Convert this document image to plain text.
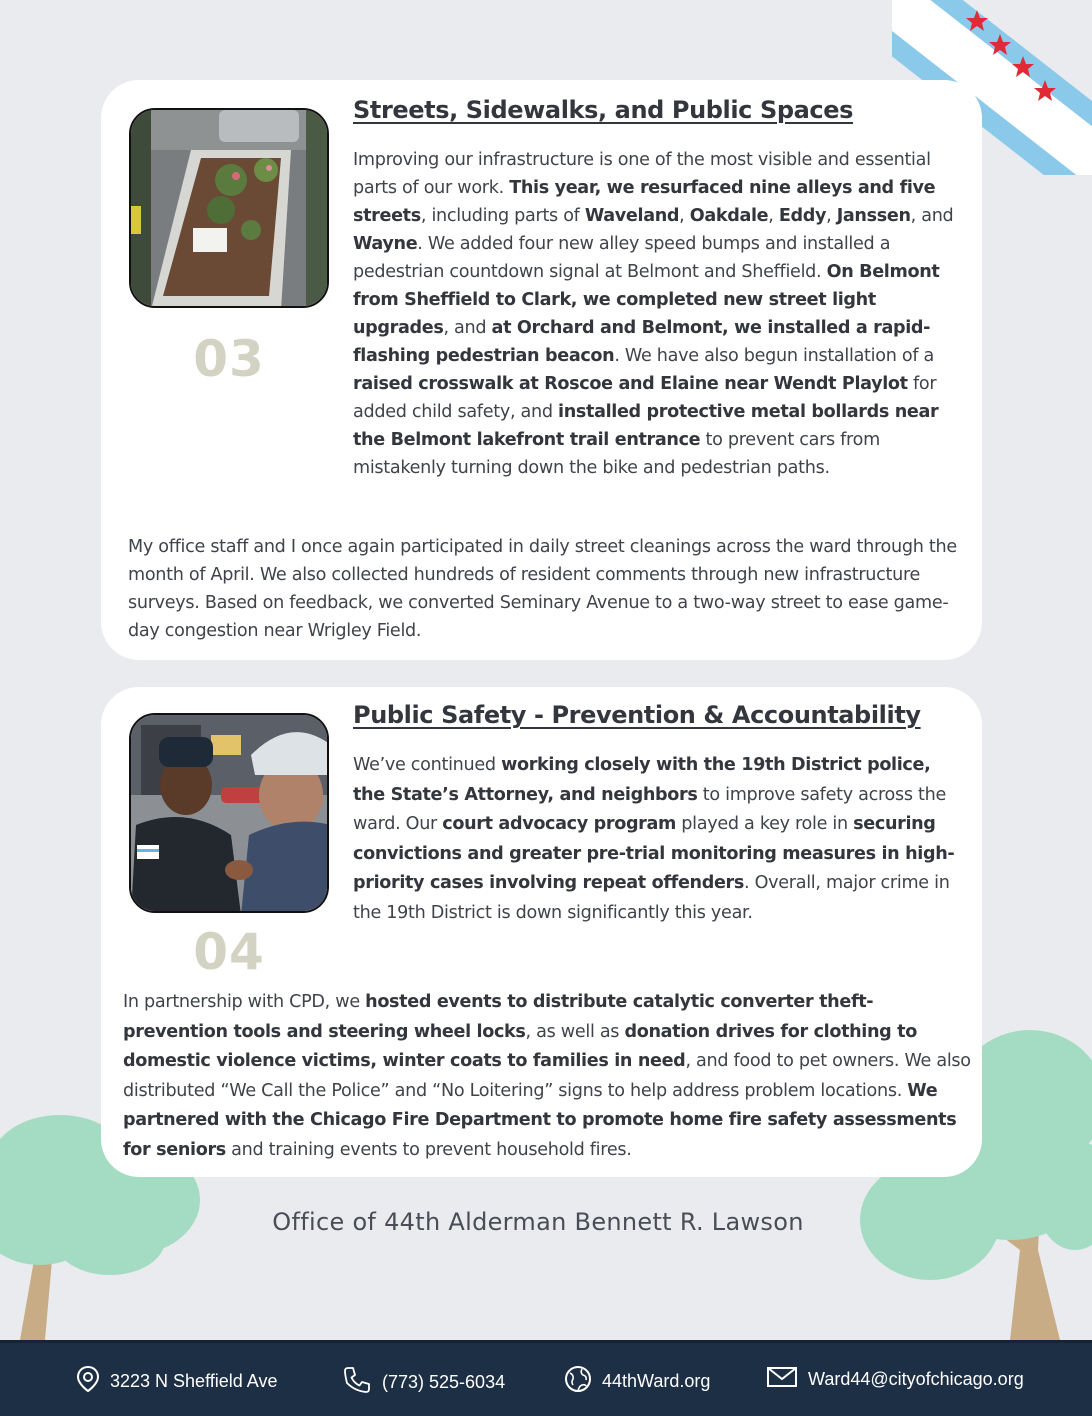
03
Streets, Sidewalks, and Public Spaces
Improving our infrastructure is one of the most visible and essential parts of our work. This year, we resurfaced nine alleys and five streets, including parts of Waveland, Oakdale, Eddy, Janssen, and Wayne. We added four new alley speed bumps and installed a pedestrian countdown signal at Belmont and Sheffield. On Belmont from Sheffield to Clark, we completed new street light upgrades, and at Orchard and Belmont, we installed a rapid-flashing pedestrian beacon. We have also begun installation of a raised crosswalk at Roscoe and Elaine near Wendt Playlot for added child safety, and installed protective metal bollards near the Belmont lakefront trail entrance to prevent cars from mistakenly turning down the bike and pedestrian paths.
My office staff and I once again participated in daily street cleanings across the ward through the month of April. We also collected hundreds of resident comments through new infrastructure surveys. Based on feedback, we converted Seminary Avenue to a two-way street to ease game-day congestion near Wrigley Field.
04
Public Safety - Prevention & Accountability
We’ve continued working closely with the 19th District police, the State’s Attorney, and neighbors to improve safety across the ward. Our court advocacy program played a key role in securing convictions and greater pre-trial monitoring measures in high-priority cases involving repeat offenders. Overall, major crime in the 19th District is down significantly this year.
In partnership with CPD, we hosted events to distribute catalytic converter theft-prevention tools and steering wheel locks, as well as donation drives for clothing to domestic violence victims, winter coats to families in need, and food to pet owners. We also distributed “We Call the Police” and “No Loitering” signs to help address problem locations. We partnered with the Chicago Fire Department to promote home fire safety assessments for seniors and training events to prevent household fires.
Office of 44th Alderman Bennett R. Lawson
3223 N Sheffield Ave	(773) 525-6034	44thWard.org	Ward44@cityofchicago.org
